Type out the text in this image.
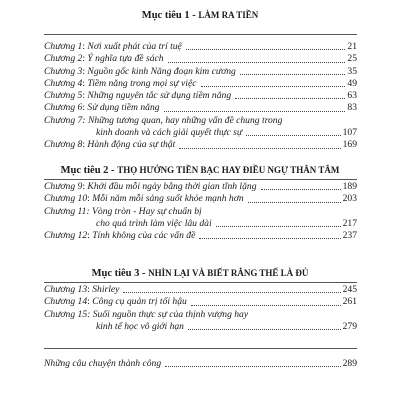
Mục tiêu 1 - LÀM RA TIỀN
Chương 1: Nơi xuất phát của trí tuệ	21
Chương 2: Ý nghĩa tựa đề sách	25
Chương 3: Nguồn gốc kinh Năng đoạn kim cương	35
Chương 4: Tiềm năng trong mọi sự việc	49
Chương 5: Những nguyên tắc sử dụng tiềm năng	63
Chương 6: Sử dụng tiềm năng	83
Chương 7: Những tương quan, hay những vấn đề chung trong
kinh doanh và cách giải quyết thực sự	107
Chương 8: Hành động của sự thật	169
Mục tiêu 2 - THỌ HƯỞNG TIỀN BẠC HAY ĐIỀU NGỰ THÂN TÂM
Chương 9: Khởi đầu mỗi ngày bằng thời gian tĩnh lặng	189
Chương 10: Mỗi năm mỗi sảng suốt khỏe mạnh hơn	203
Chương 11: Vòng tròn - Hay sự chuẩn bị
cho quá trình làm việc lâu dài	217
Chương 12: Tính không của các vấn đề	237
Mục tiêu 3 - NHÌN LẠI VÀ BIẾT RẰNG THẾ LÀ ĐỦ
Chương 13: Shirley	245
Chương 14: Công cụ quản trị tối hậu	261
Chương 15: Suối nguồn thực sự của thịnh vượng hay
kinh tế học vô giới hạn	279
Những câu chuyện thành công	289
